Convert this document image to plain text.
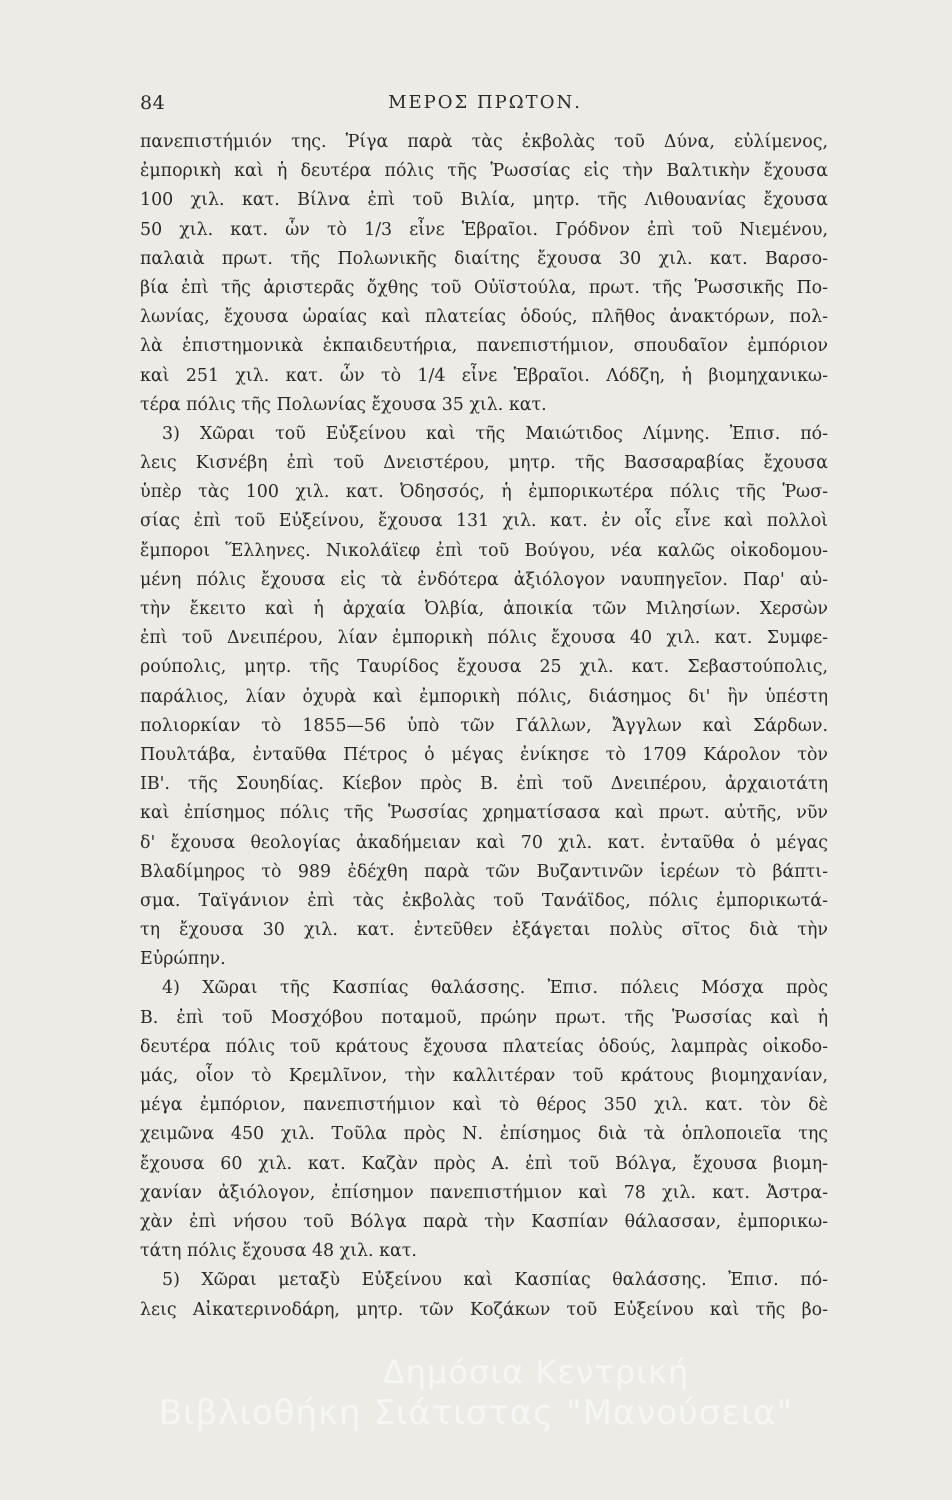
84	ΜΕΡΟΣ ΠΡΩΤΟΝ.
πανεπιστήμιόν της. Ῥίγα παρὰ τὰς ἐκβολὰς τοῦ Δύνα, εὐλίμενος,
ἐμπορικὴ καὶ ἡ δευτέρα πόλις τῆς Ῥωσσίας εἰς τὴν Βαλτικὴν ἔχουσα
100 χιλ. κατ. Βίλνα ἐπὶ τοῦ Βιλία, μητρ. τῆς Λιθουανίας ἔχουσα
50 χιλ. κατ. ὧν τὸ 1/3 εἶνε Ἑβραῖοι. Γρόδνον ἐπὶ τοῦ Νιεμένου,
παλαιὰ πρωτ. τῆς Πολωνικῆς διαίτης ἔχουσα 30 χιλ. κατ. Βαρσο-
βία ἐπὶ τῆς ἀριστερᾶς ὄχθης τοῦ Οὐϊστούλα, πρωτ. τῆς Ῥωσσικῆς Πο-
λωνίας, ἔχουσα ὡραίας καὶ πλατείας ὁδούς, πλῆθος ἀνακτόρων, πολ-
λὰ ἐπιστημονικὰ ἐκπαιδευτήρια, πανεπιστήμιον, σπουδαῖον ἐμπόριον
καὶ 251 χιλ. κατ. ὧν τὸ 1/4 εἶνε Ἑβραῖοι. Λόδζη, ἡ βιομηχανικω-
τέρα πόλις τῆς Πολωνίας ἔχουσα 35 χιλ. κατ.
3) Χῶραι τοῦ Εὐξείνου καὶ τῆς Μαιώτιδος Λίμνης. Ἐπισ. πό-
λεις Κισνέβη ἐπὶ τοῦ Δνειστέρου, μητρ. τῆς Βασσαραβίας ἔχουσα
ὑπὲρ τὰς 100 χιλ. κατ. Ὀδησσός, ἡ ἐμπορικωτέρα πόλις τῆς Ῥωσ-
σίας ἐπὶ τοῦ Εὐξείνου, ἔχουσα 131 χιλ. κατ. ἐν οἷς εἶνε καὶ πολλοὶ
ἔμποροι Ἕλληνες. Νικολάϊεφ ἐπὶ τοῦ Βούγου, νέα καλῶς οἰκοδομου-
μένη πόλις ἔχουσα εἰς τὰ ἐνδότερα ἀξιόλογον ναυπηγεῖον. Παρ' αὐ-
τὴν ἔκειτο καὶ ἡ ἀρχαία Ὀλβία, ἀποικία τῶν Μιλησίων. Χερσὼν
ἐπὶ τοῦ Δνειπέρου, λίαν ἐμπορικὴ πόλις ἔχουσα 40 χιλ. κατ. Συμφε-
ρούπολις, μητρ. τῆς Ταυρίδος ἔχουσα 25 χιλ. κατ. Σεβαστούπολις,
παράλιος, λίαν ὀχυρὰ καὶ ἐμπορικὴ πόλις, διάσημος δι' ἣν ὑπέστη
πολιορκίαν τὸ 1855—56 ὑπὸ τῶν Γάλλων, Ἄγγλων καὶ Σάρδων.
Πουλτάβα, ἐνταῦθα Πέτρος ὁ μέγας ἐνίκησε τὸ 1709 Κάρολον τὸν
ΙΒ'. τῆς Σουηδίας. Κίεβον πρὸς Β. ἐπὶ τοῦ Δνειπέρου, ἀρχαιοτάτη
καὶ ἐπίσημος πόλις τῆς Ῥωσσίας χρηματίσασα καὶ πρωτ. αὐτῆς, νῦν
δ' ἔχουσα θεολογίας ἀκαδήμειαν καὶ 70 χιλ. κατ. ἐνταῦθα ὁ μέγας
Βλαδίμηρος τὸ 989 ἐδέχθη παρὰ τῶν Βυζαντινῶν ἱερέων τὸ βάπτι-
σμα. Ταϊγάνιον ἐπὶ τὰς ἐκβολὰς τοῦ Τανάϊδος, πόλις ἐμπορικωτά-
τη ἔχουσα 30 χιλ. κατ. ἐντεῦθεν ἐξάγεται πολὺς σῖτος διὰ τὴν
Εὐρώπην.
4) Χῶραι τῆς Κασπίας θαλάσσης. Ἐπισ. πόλεις Μόσχα πρὸς
Β. ἐπὶ τοῦ Μοσχόβου ποταμοῦ, πρώην πρωτ. τῆς Ῥωσσίας καὶ ἡ
δευτέρα πόλις τοῦ κράτους ἔχουσα πλατείας ὁδούς, λαμπρὰς οἰκοδο-
μάς, οἷον τὸ Κρεμλῖνον, τὴν καλλιτέραν τοῦ κράτους βιομηχανίαν,
μέγα ἐμπόριον, πανεπιστήμιον καὶ τὸ θέρος 350 χιλ. κατ. τὸν δὲ
χειμῶνα 450 χιλ. Τοῦλα πρὸς Ν. ἐπίσημος διὰ τὰ ὁπλοποιεῖα της
ἔχουσα 60 χιλ. κατ. Καζὰν πρὸς Α. ἐπὶ τοῦ Βόλγα, ἔχουσα βιομη-
χανίαν ἀξιόλογον, ἐπίσημον πανεπιστήμιον καὶ 78 χιλ. κατ. Ἀστρα-
χὰν ἐπὶ νήσου τοῦ Βόλγα παρὰ τὴν Κασπίαν θάλασσαν, ἐμπορικω-
τάτη πόλις ἔχουσα 48 χιλ. κατ.
5) Χῶραι μεταξὺ Εὐξείνου καὶ Κασπίας θαλάσσης. Ἐπισ. πό-
λεις Αἰκατερινοδάρη, μητρ. τῶν Κοζάκων τοῦ Εὐξείνου καὶ τῆς βο-
Δημόσια Κεντρική
Βιβλιοθήκη Σιάτιστας "Μανούσεια"
